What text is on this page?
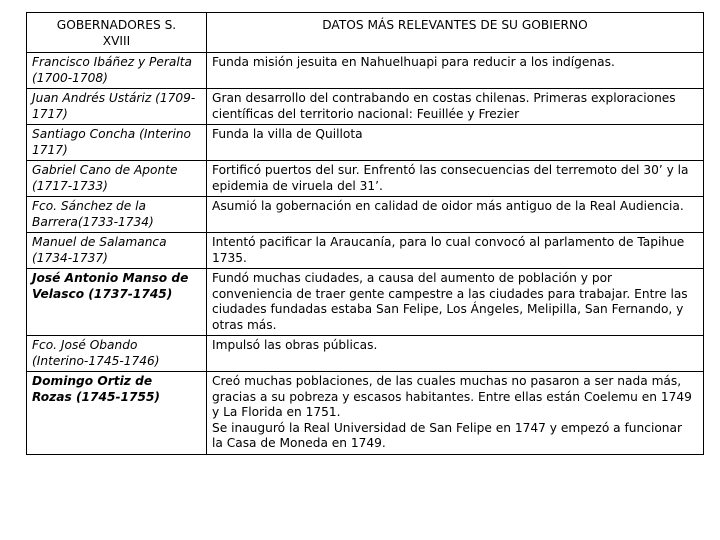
GOBERNADORES S.
XVIII	DATOS MÁS RELEVANTES DE SU GOBIERNO

Francisco Ibáñez y Peralta
(1700-1708)	Funda misión jesuita en Nahuelhuapi para reducir a los indígenas.

Juan Andrés Ustáriz (1709-
1717)	Gran desarrollo del contrabando en costas chilenas. Primeras exploraciones
científicas del territorio nacional: Feuillée y Frezier

Santiago Concha (Interino
1717)	Funda la villa de Quillota

Gabriel Cano de Aponte
(1717-1733)	Fortificó puertos del sur. Enfrentó las consecuencias del terremoto del 30’ y la
epidemia de viruela del 31’.

Fco. Sánchez de la
Barrera(1733-1734)	Asumió la gobernación en calidad de oidor más antiguo de la Real Audiencia.

Manuel de Salamanca
(1734-1737)	Intentó pacificar la Araucanía, para lo cual convocó al parlamento de Tapihue
1735.

José Antonio Manso de
Velasco (1737-1745)	Fundó muchas ciudades, a causa del aumento de población y por
conveniencia de traer gente campestre a las ciudades para trabajar. Entre las
ciudades fundadas estaba San Felipe, Los Ángeles, Melipilla, San Fernando, y
otras más.

Fco. José Obando
(Interino-1745-1746)	Impulsó las obras públicas.

Domingo Ortiz de
Rozas (1745-1755)	Creó muchas poblaciones, de las cuales muchas no pasaron a ser nada más,
gracias a su pobreza y escasos habitantes. Entre ellas están Coelemu en 1749
y La Florida en 1751.
Se inauguró la Real Universidad de San Felipe en 1747 y empezó a funcionar
la Casa de Moneda en 1749.
